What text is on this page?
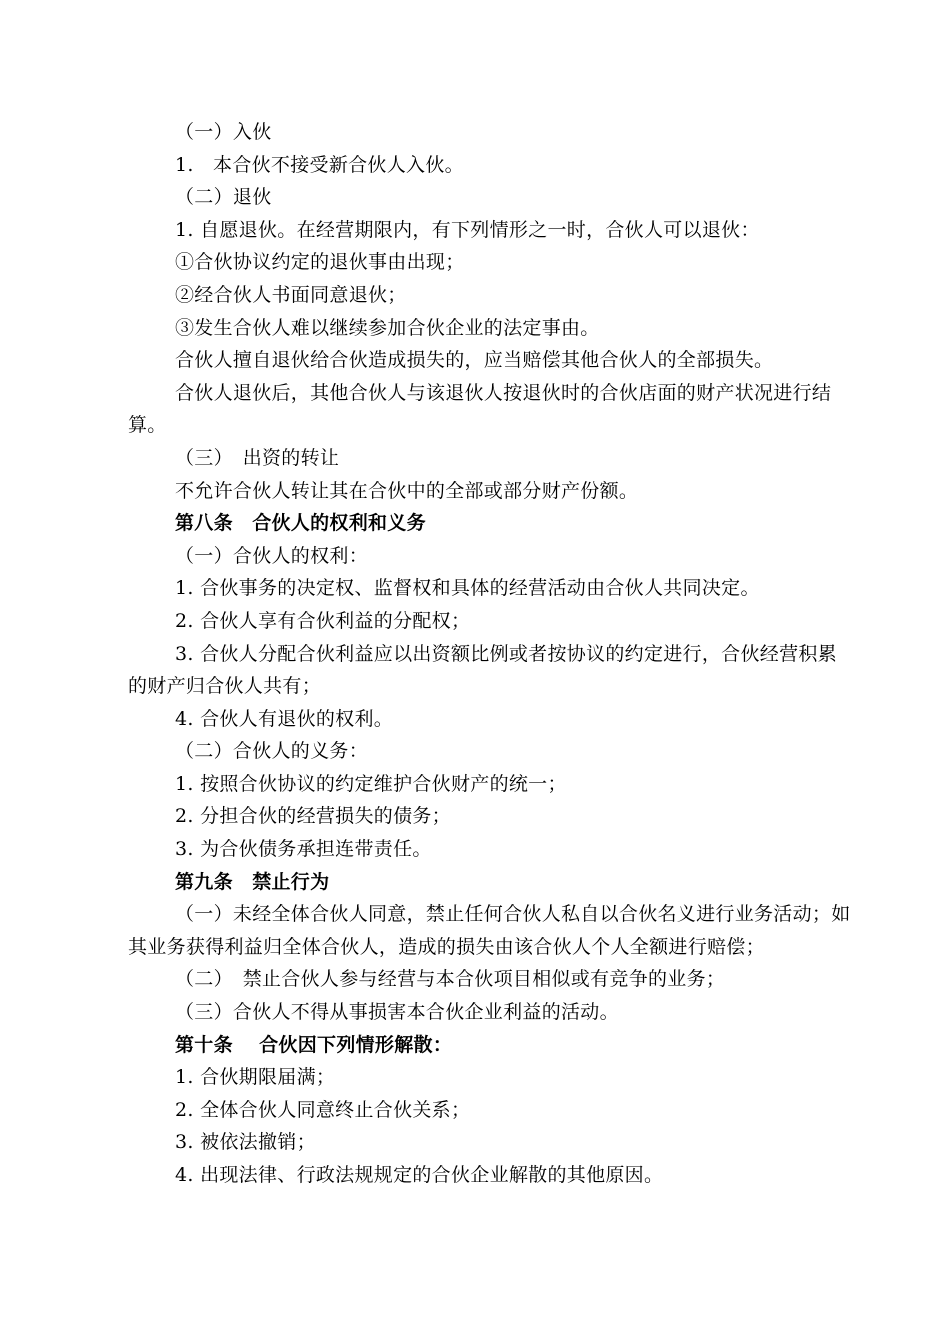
（一）入伙

1.　本合伙不接受新合伙人入伙。

（二）退伙

1. 自愿退伙。在经营期限内，有下列情形之一时，合伙人可以退伙：

①合伙协议约定的退伙事由出现；

②经合伙人书面同意退伙；

③发生合伙人难以继续参加合伙企业的法定事由。

合伙人擅自退伙给合伙造成损失的，应当赔偿其他合伙人的全部损失。

合伙人退伙后，其他合伙人与该退伙人按退伙时的合伙店面的财产状况进行结算。

（三）　出资的转让

不允许合伙人转让其在合伙中的全部或部分财产份额。

第八条　合伙人的权利和义务

（一）合伙人的权利：

1. 合伙事务的决定权、监督权和具体的经营活动由合伙人共同决定。

2. 合伙人享有合伙利益的分配权；

3. 合伙人分配合伙利益应以出资额比例或者按协议的约定进行，合伙经营积累的财产归合伙人共有；

4. 合伙人有退伙的权利。

（二）合伙人的义务：

1. 按照合伙协议的约定维护合伙财产的统一；

2. 分担合伙的经营损失的债务；

3. 为合伙债务承担连带责任。

第九条　禁止行为

（一）未经全体合伙人同意，禁止任何合伙人私自以合伙名义进行业务活动；如其业务获得利益归全体合伙人，造成的损失由该合伙人个人全额进行赔偿；

（二）　禁止合伙人参与经营与本合伙项目相似或有竞争的业务；

（三）合伙人不得从事损害本合伙企业利益的活动。

第十条　 合伙因下列情形解散：

1. 合伙期限届满；

2. 全体合伙人同意终止合伙关系；

3. 被依法撤销；

4. 出现法律、行政法规规定的合伙企业解散的其他原因。
